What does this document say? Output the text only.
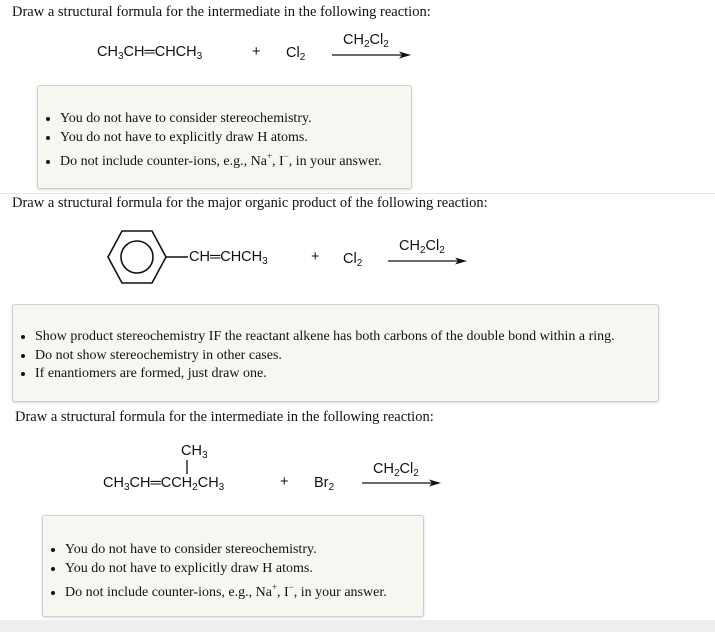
Draw a structural formula for the intermediate in the following reaction:
$CH_3CH═CHCH_3$	+ $Cl_2$
$CH_2Cl_2$
• You do not have to consider stereochemistry.
• You do not have to explicitly draw H atoms.
• Do not include counter-ions, e.g., Na+, I−, in your answer.
Draw a structural formula for the major organic product of the following reaction:
$CH═CHCH_3$	+ $Cl_2$
$CH_2Cl_2$
• Show product stereochemistry IF the reactant alkene has both carbons of the double bond within a ring.
• Do not show stereochemistry in other cases.
• If enantiomers are formed, just draw one.
Draw a structural formula for the intermediate in the following reaction:
$CH_3$
$CH_3CH═CCH_2CH_3$	+ $Br_2$
$CH_2Cl_2$
• You do not have to consider stereochemistry.
• You do not have to explicitly draw H atoms.
• Do not include counter-ions, e.g., Na+, I−, in your answer.
